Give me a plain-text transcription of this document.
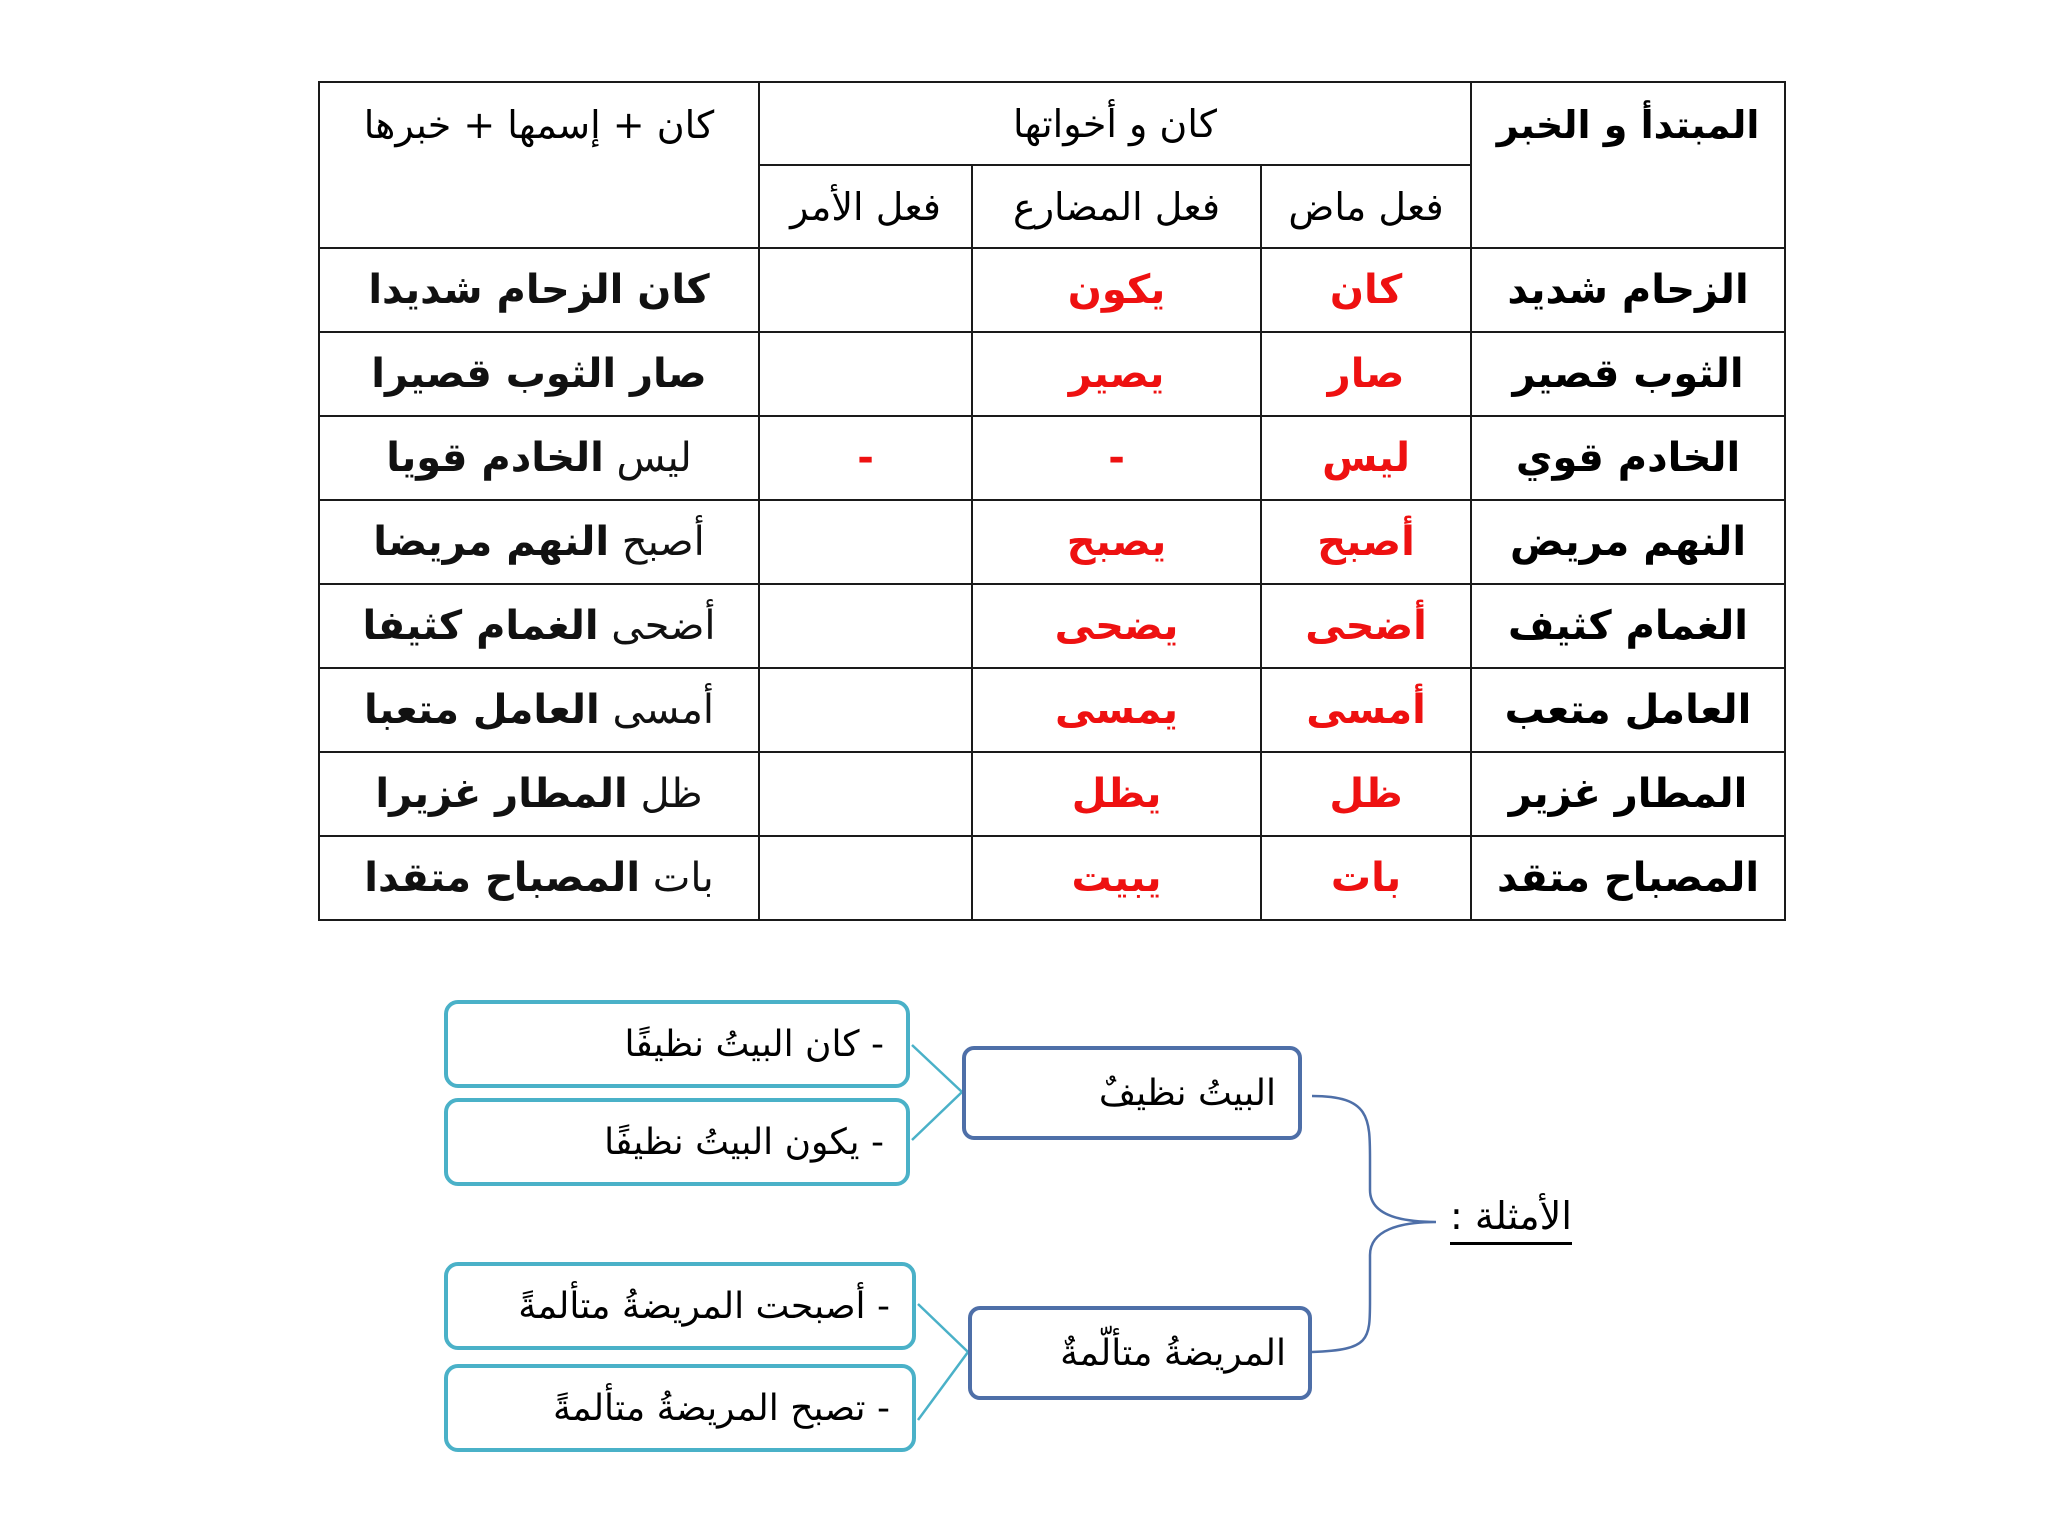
المبتدأ و الخبر	كان و أخواتها			كان + إسمها + خبرها
	فعل ماض	فعل المضارع	فعل الأمر	
الزحام شديد	كان	يكون		كان الزحام شديدا
الثوب قصير	صار	يصير		صار الثوب قصيرا
الخادم قوي	ليس	-	-	ليس الخادم قويا
النهم مريض	أصبح	يصبح		أصبح النهم مريضا
الغمام كثيف	أضحى	يضحى		أضحى الغمام كثيفا
العامل متعب	أمسى	يمسى		أمسى العامل متعبا
المطار غزير	ظل	يظل		ظل المطار غزيرا
المصباح متقد	بات	يبيت		بات المصباح متقدا
الأمثلة :
البيتُ نظيفٌ
المريضةُ متألّمةٌ
- كان البيتُ نظيفًا
- يكون البيتُ نظيفًا
- أصبحت المريضةُ متألمةً
- تصبح المريضةُ متألمةً
